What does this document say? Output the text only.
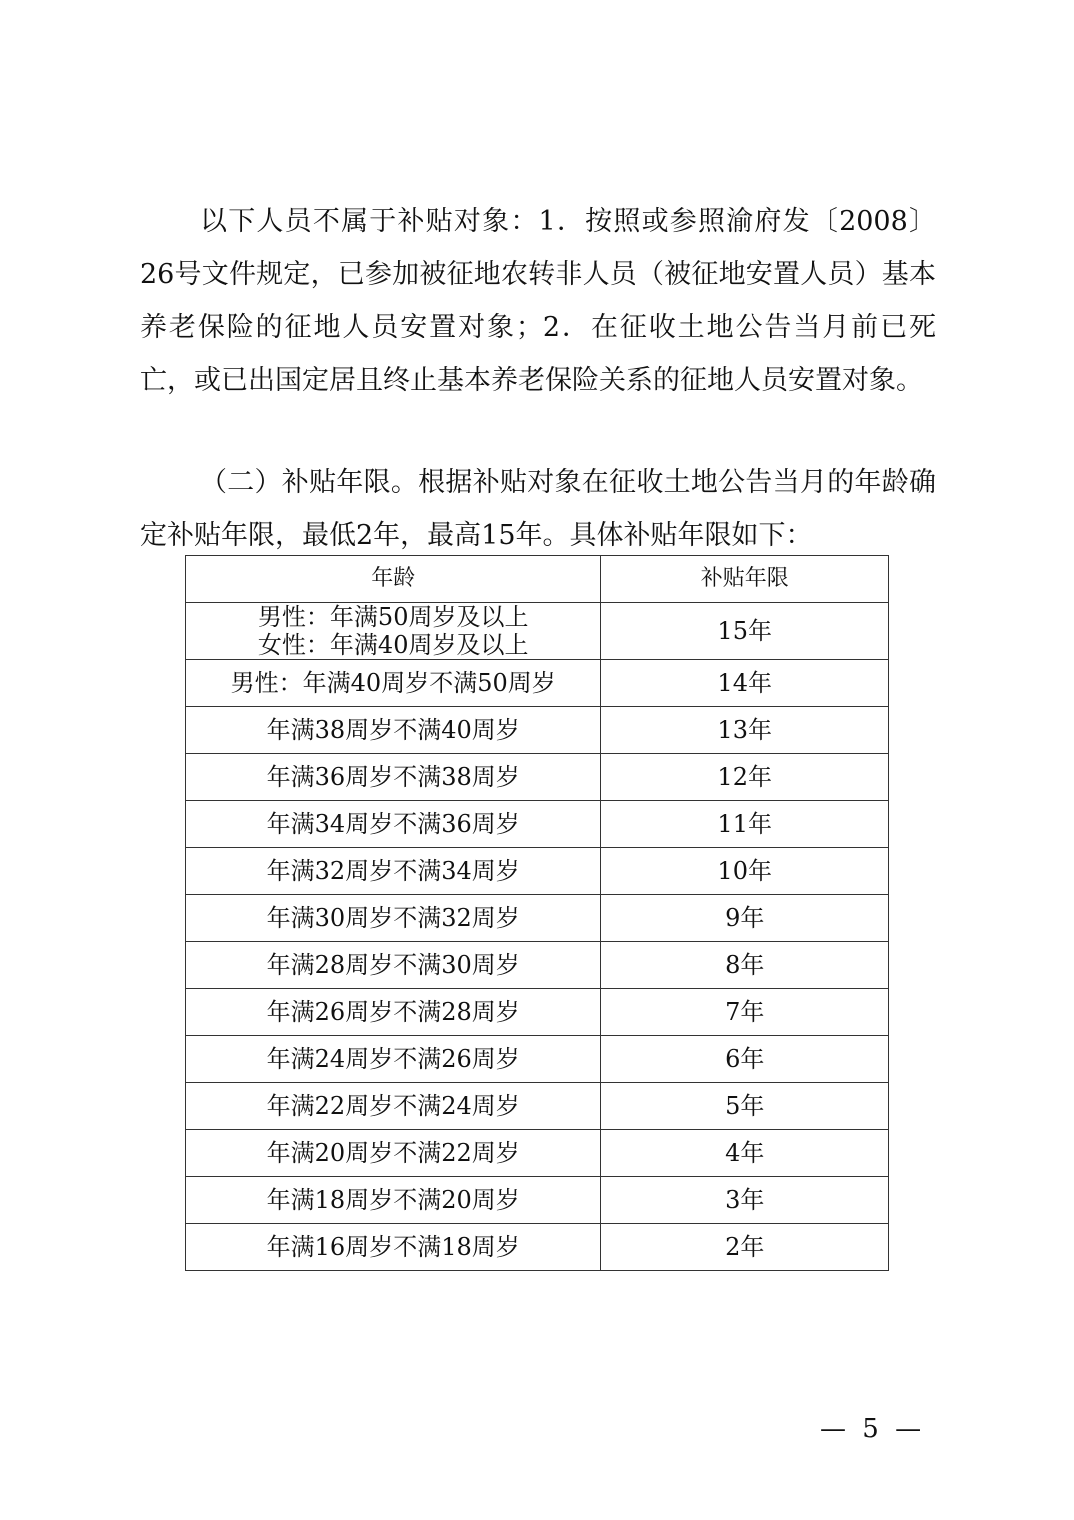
以下人员不属于补贴对象：1．按照或参照渝府发〔2008〕26号文件规定，已参加被征地农转非人员（被征地安置人员）基本养老保险的征地人员安置对象；2．在征收土地公告当月前已死亡，或已出国定居且终止基本养老保险关系的征地人员安置对象。

（二）补贴年限。根据补贴对象在征收土地公告当月的年龄确定补贴年限，最低2年，最高15年。具体补贴年限如下：

年龄	补贴年限

男性：年满50周岁及以上
女性：年满40周岁及以上	15年
男性：年满40周岁不满50周岁	14年
年满38周岁不满40周岁	13年
年满36周岁不满38周岁	12年
年满34周岁不满36周岁	11年
年满32周岁不满34周岁	10年
年满30周岁不满32周岁	9年
年满28周岁不满30周岁	8年
年满26周岁不满28周岁	7年
年满24周岁不满26周岁	6年
年满22周岁不满24周岁	5年
年满20周岁不满22周岁	4年
年满18周岁不满20周岁	3年
年满16周岁不满18周岁	2年
— 5 —
